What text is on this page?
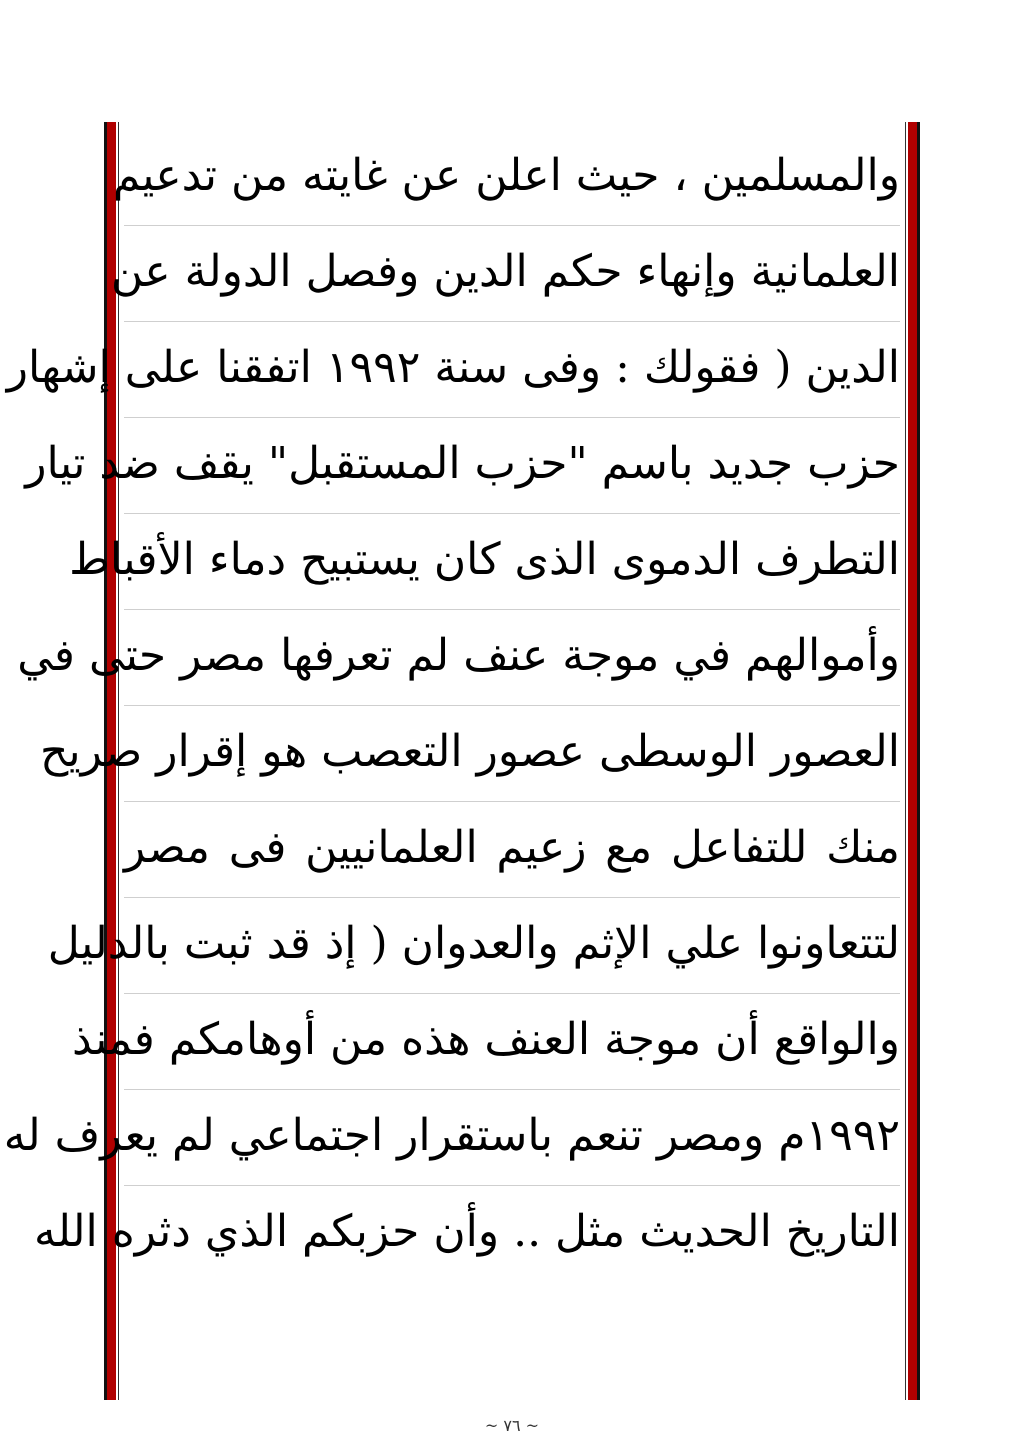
والمسلمين ، حيث اعلن عن غايته من تدعيم
العلمانية وإنهاء حكم الدين وفصل الدولة عن
الدين ( فقولك : وفى سنة ١٩٩٢ اتفقنا على إشهار
حزب جديد باسم "حزب المستقبل" يقف ضد تيار
التطرف الدموى الذى كان يستبيح دماء الأقباط
وأموالهم في موجة عنف لم تعرفها مصر حتى في
العصور الوسطى عصور التعصب هو إقرار صريح
منك للتفاعل مع زعيم العلمانيين فى مصر
لتتعاونوا علي الإثم والعدوان ( إذ قد ثبت بالدليل
والواقع أن موجة العنف هذه من أوهامكم فمنذ
١٩٩٢م ومصر تنعم باستقرار اجتماعي لم يعرف له
التاريخ الحديث مثل .. وأن حزبكم الذي دثره الله
~ ٧٦ ~
